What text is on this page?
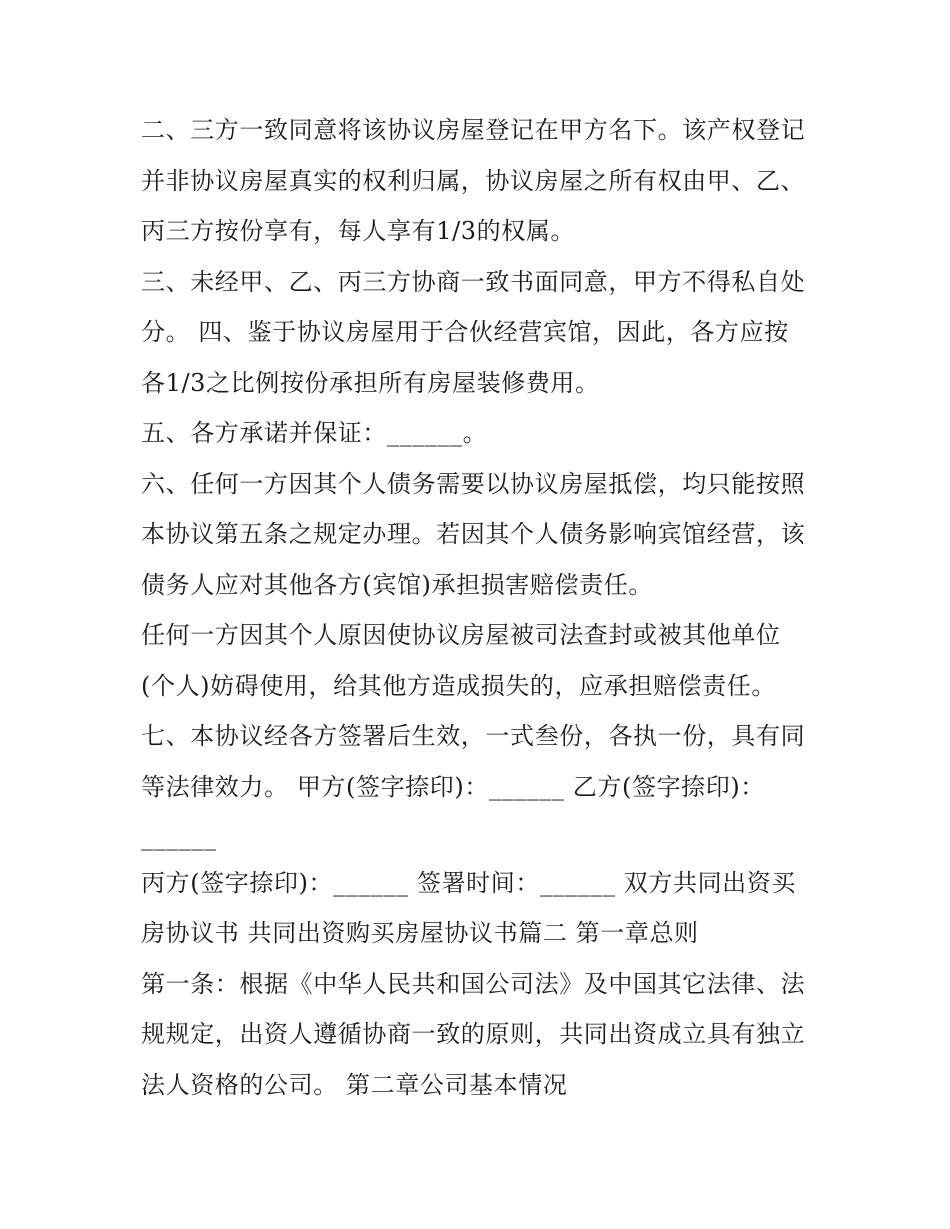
二、三方一致同意将该协议房屋登记在甲方名下。该产权登记
并非协议房屋真实的权利归属，协议房屋之所有权由甲、乙、
丙三方按份享有，每人享有1/3的权属。
三、未经甲、乙、丙三方协商一致书面同意，甲方不得私自处
分。 四、鉴于协议房屋用于合伙经营宾馆，因此，各方应按
各1/3之比例按份承担所有房屋装修费用。
五、各方承诺并保证：______。
六、任何一方因其个人债务需要以协议房屋抵偿，均只能按照
本协议第五条之规定办理。若因其个人债务影响宾馆经营，该
债务人应对其他各方(宾馆)承担损害赔偿责任。
任何一方因其个人原因使协议房屋被司法查封或被其他单位
(个人)妨碍使用，给其他方造成损失的，应承担赔偿责任。
七、本协议经各方签署后生效，一式叁份，各执一份，具有同
等法律效力。 甲方(签字捺印)：______ 乙方(签字捺印)：
______
丙方(签字捺印)：______ 签署时间：______ 双方共同出资买
房协议书 共同出资购买房屋协议书篇二 第一章总则
第一条：根据《中华人民共和国公司法》及中国其它法律、法
规规定，出资人遵循协商一致的原则，共同出资成立具有独立
法人资格的公司。 第二章公司基本情况
